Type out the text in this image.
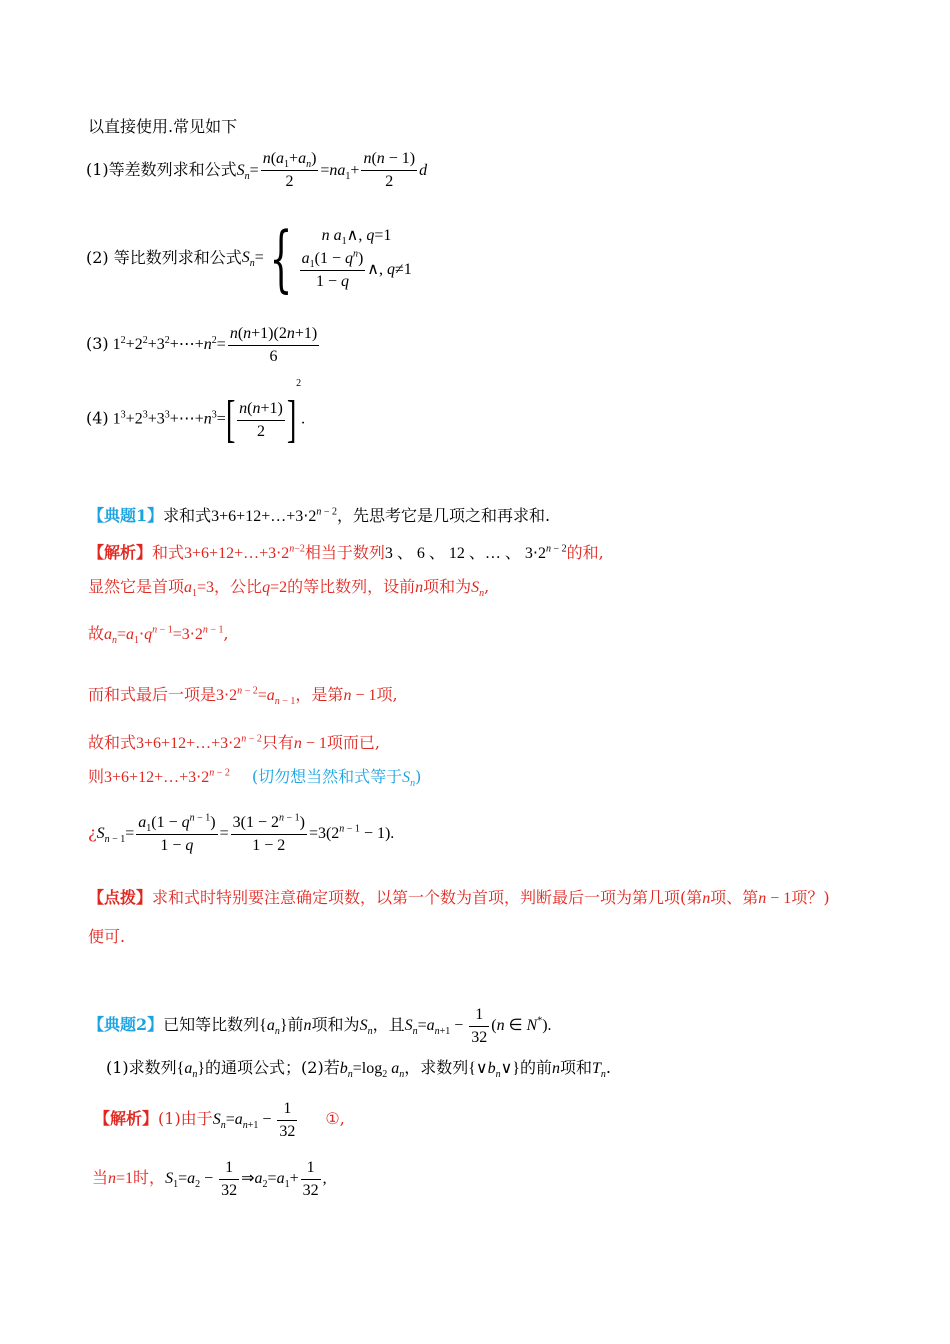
以直接使用.常见如下
(1)等差数列求和公式$S_n= \frac{n(a_1+a_n)}{2} =na_1+ \frac{n(n - 1)}{2}$ d
(2) 等比数列求和公式$S_n=${	n $a_1\wedge$, q=1
$\frac{a_1(1 - q^n)}{1 - q}$ ∧, q≠1
(3) $1^2+2^2+3^2+\cdots+n^2= \frac{n(n+1)(2n+1)}{6}$
(4) $1^3+2^3+3^3+\cdots+n^3=[ \frac{n(n+1)}{2} ]^2$.
【典题1】求和式$3+6+12+\dots+3\cdot 2^{n - 2}$，先思考它是几项之和再求和.
【解析】和式$3+6+12+\dots+3\cdot 2^{n-2}$相当于数列3 、 6 、 12 、… 、 $3\cdot 2^{n - 2}$的和,
显然它是首项$a_1=3$，公比q=2的等比数列，设前n项和为$S_n$,
故$a_n=a_1\cdot q^n$ $^{- 1}=3\cdot 2^{n - 1}$,
而和式最后一项是$3\cdot 2^{n - 2}=a_{n - 1}$，是第n − 1项,
故和式$3+6+12+\dots+3\cdot 2^{n - 2}$只有n − 1项而已,
则$3+6+12+\dots+3\cdot 2^{n - 2}$ (切勿想当然和式等于$S_n$)
¿$S_{n - 1}= \frac{a_1(1 - q^n ^{- 1})}{1 - q} = \frac{3(1 - 2^{n - 1})}{1 - 2} =3(2^{n - 1} - 1)$.
【点拨】求和式时特别要注意确定项数，以第一个数为首项，判断最后一项为第几项(第n项、第n − 1项？)
便可.
【典题2】已知等比数列$\{a_n\}$前n项和为$S_n$，且$S_n=a_{n+1} - \frac{1}{32} (n$ ∈ N*).
(1)求数列$\{a_n\}$的通项公式；(2)若$b_n=\log_2$ $a_n$，求数列$\{\vee b_n\vee\}$的前n项和$T_n$.
【解析】(1)由于$S_n=a_{n+1} - \frac{1}{32}$ ①,
当n=1时，$S_1=a_2 - \frac{1}{32}$ $\Rightarrow a_2=a_1+ \frac{1}{32}$ ,
